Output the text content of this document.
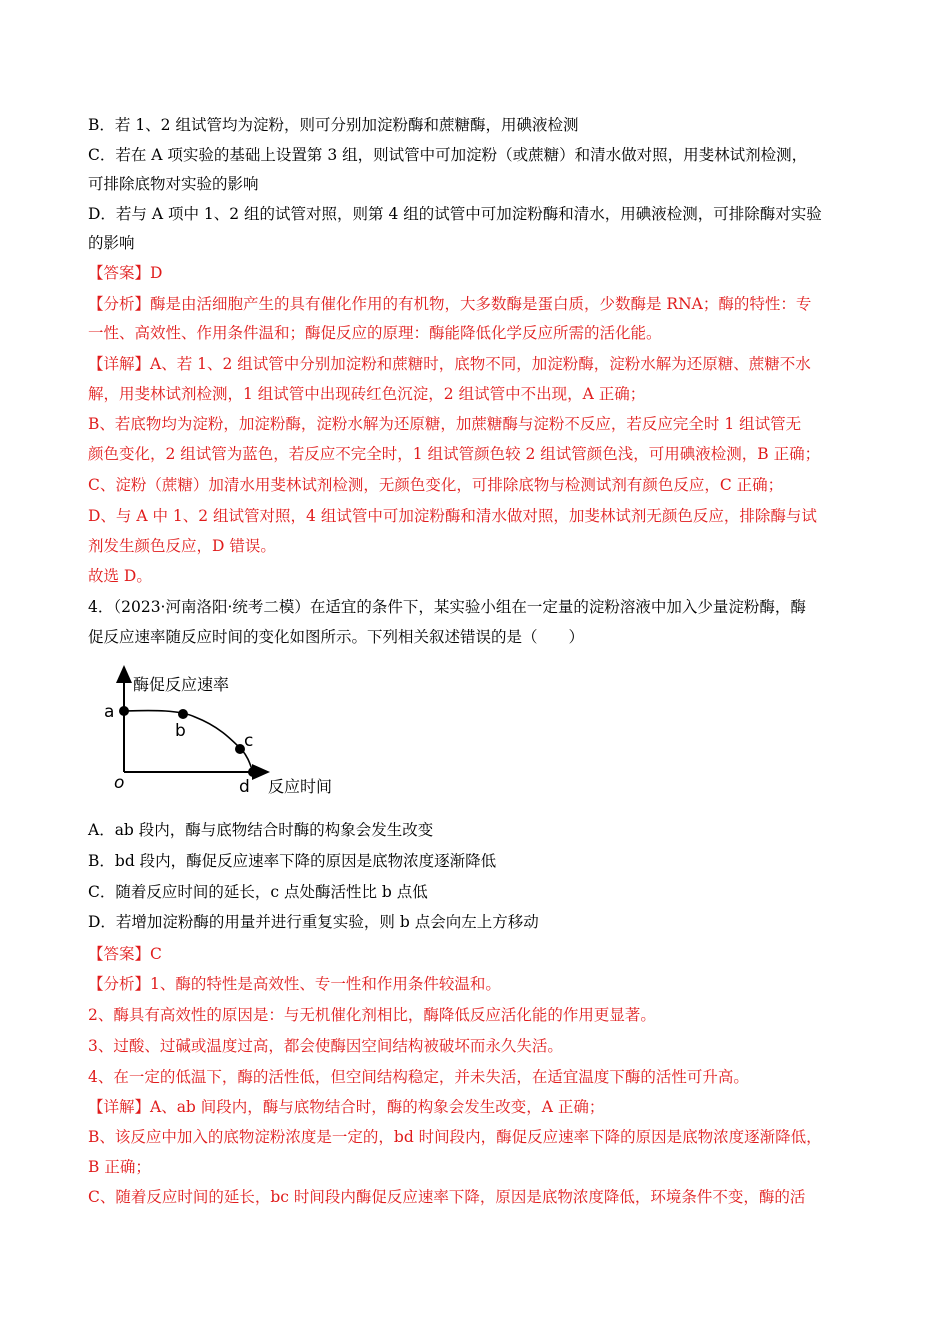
B．若 1、2 组试管均为淀粉，则可分别加淀粉酶和蔗糖酶，用碘液检测
C．若在 A 项实验的基础上设置第 3 组，则试管中可加淀粉（或蔗糖）和清水做对照，用斐林试剂检测，
可排除底物对实验的影响
D．若与 A 项中 1、2 组的试管对照，则第 4 组的试管中可加淀粉酶和清水，用碘液检测，可排除酶对实验
的影响
【答案】D
【分析】酶是由活细胞产生的具有催化作用的有机物，大多数酶是蛋白质，少数酶是 RNA；酶的特性：专
一性、高效性、作用条件温和；酶促反应的原理：酶能降低化学反应所需的活化能。
【详解】A、若 1、2 组试管中分别加淀粉和蔗糖时，底物不同，加淀粉酶，淀粉水解为还原糖、蔗糖不水
解，用斐林试剂检测，1 组试管中出现砖红色沉淀，2 组试管中不出现，A 正确；
B、若底物均为淀粉，加淀粉酶，淀粉水解为还原糖，加蔗糖酶与淀粉不反应，若反应完全时 1 组试管无
颜色变化，2 组试管为蓝色，若反应不完全时，1 组试管颜色较 2 组试管颜色浅，可用碘液检测，B 正确；
C、淀粉（蔗糖）加清水用斐林试剂检测，无颜色变化，可排除底物与检测试剂有颜色反应，C 正确；
D、与 A 中 1、2 组试管对照，4 组试管中可加淀粉酶和清水做对照，加斐林试剂无颜色反应，排除酶与试
剂发生颜色反应，D 错误。
故选 D。
4．（2023·河南洛阳·统考二模）在适宜的条件下，某实验小组在一定量的淀粉溶液中加入少量淀粉酶，酶
促反应速率随反应时间的变化如图所示。下列相关叙述错误的是（　　）
酶促反应速率
反应时间
o
a
b	c
d
A．ab 段内，酶与底物结合时酶的构象会发生改变
B．bd 段内，酶促反应速率下降的原因是底物浓度逐渐降低
C．随着反应时间的延长，c 点处酶活性比 b 点低
D．若增加淀粉酶的用量并进行重复实验，则 b 点会向左上方移动
【答案】C
【分析】1、酶的特性是高效性、专一性和作用条件较温和。
2、酶具有高效性的原因是：与无机催化剂相比，酶降低反应活化能的作用更显著。
3、过酸、过碱或温度过高，都会使酶因空间结构被破坏而永久失活。
4、在一定的低温下，酶的活性低，但空间结构稳定，并未失活，在适宜温度下酶的活性可升高。
【详解】A、ab 间段内，酶与底物结合时，酶的构象会发生改变，A 正确；
B、该反应中加入的底物淀粉浓度是一定的，bd 时间段内，酶促反应速率下降的原因是底物浓度逐渐降低，
B 正确；
C、随着反应时间的延长，bc 时间段内酶促反应速率下降，原因是底物浓度降低，环境条件不变，酶的活
